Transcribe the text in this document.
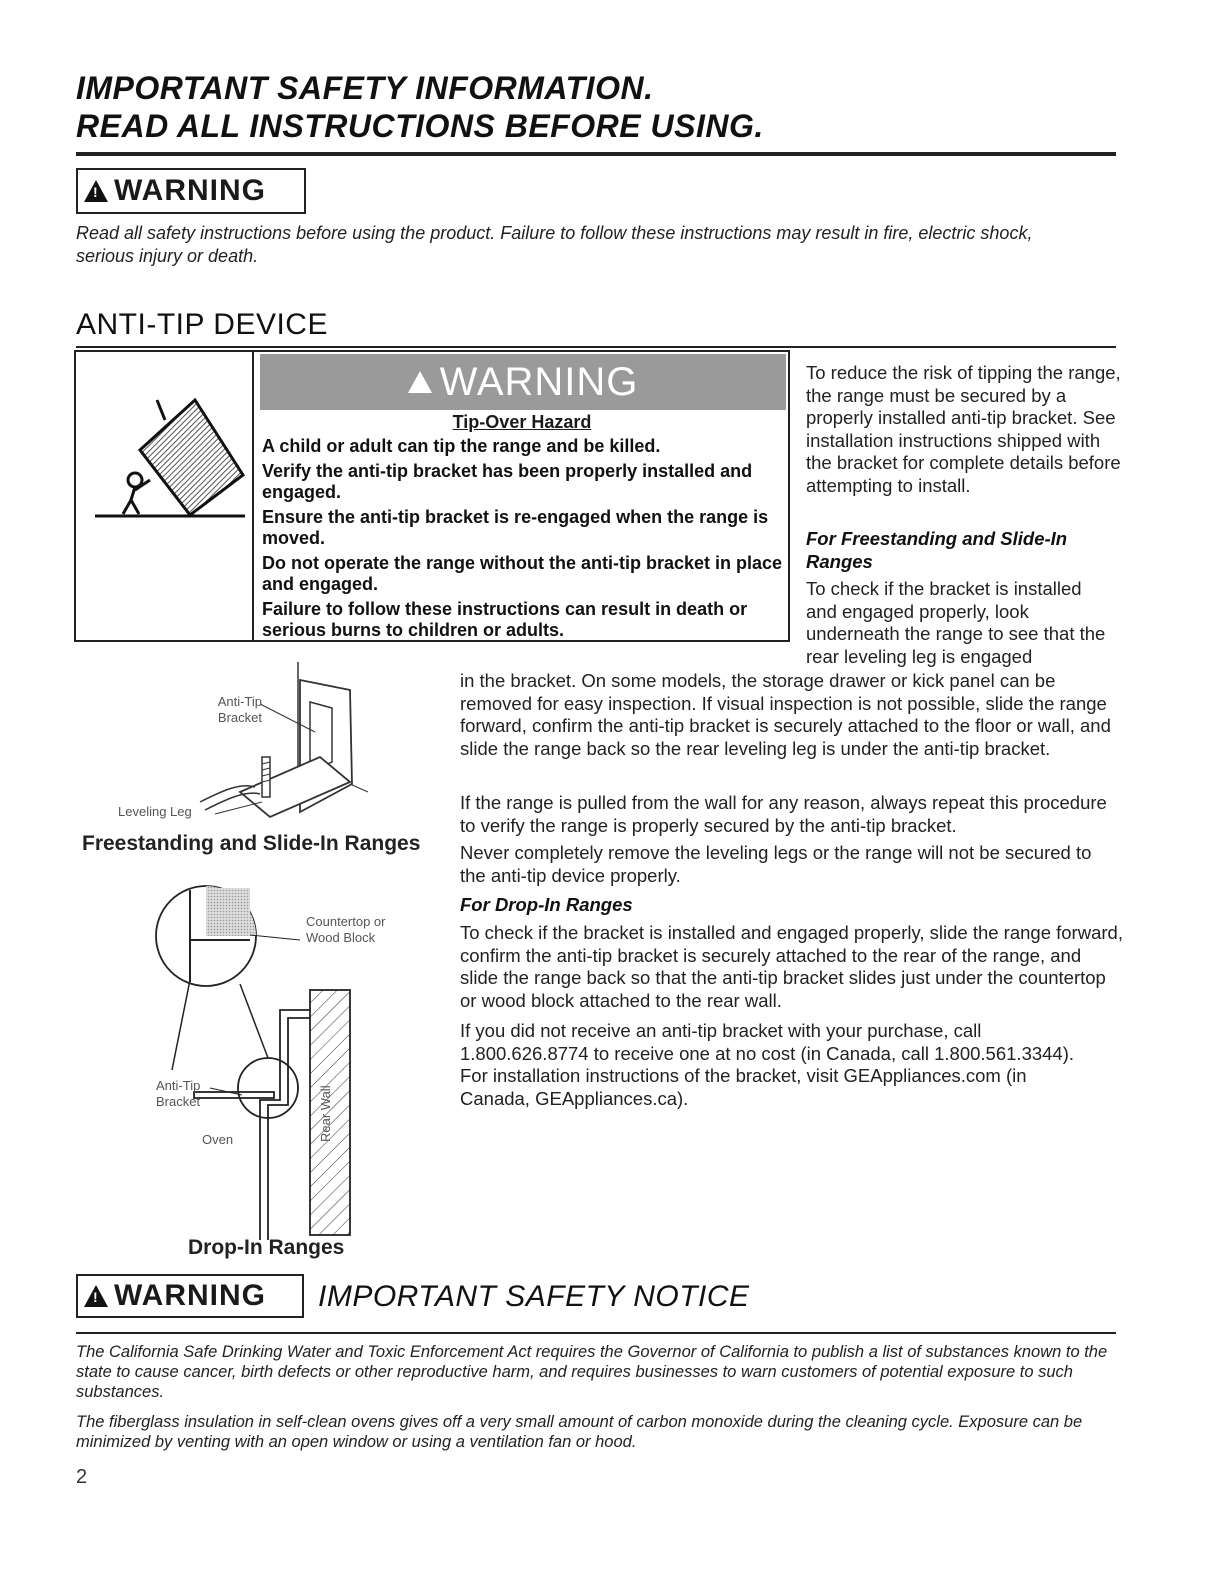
IMPORTANT SAFETY INFORMATION.
READ ALL INSTRUCTIONS BEFORE USING.
!
WARNING
Read all safety instructions before using the product. Failure to follow these instructions may result in fire, electric shock,
serious injury or death.
ANTI-TIP DEVICE
!
WARNING
Tip-Over Hazard
A child or adult can tip the range and be killed.
Verify the anti-tip bracket has been properly installed and engaged.
Ensure the anti-tip bracket is re-engaged when the range is moved.
Do not operate the range without the anti-tip bracket in place and engaged.
Failure to follow these instructions can result in death or serious burns to children or adults.
To reduce the risk of tipping the range, the range must be secured by a properly installed anti-tip bracket. See installation instructions shipped with the bracket for complete details before attempting to install.
For Freestanding and Slide-In Ranges
To check if the bracket is installed and engaged properly, look underneath the range to see that the rear leveling leg is engaged
in the bracket. On some models, the storage drawer or kick panel can be removed for easy inspection. If visual inspection is not possible, slide the range forward, confirm the anti-tip bracket is securely attached to the floor or wall, and slide the range back so the rear leveling leg is under the anti-tip bracket.
If the range is pulled from the wall for any reason, always repeat this procedure to verify the range is properly secured by the anti-tip bracket.
Never completely remove the leveling legs or the range will not be secured to the anti-tip device properly.
For Drop-In Ranges
To check if the bracket is installed and engaged properly, slide the range forward, confirm the anti-tip bracket is securely attached to the rear of the range, and slide the range back so that the anti-tip bracket slides just under the countertop or wood block attached to the rear wall.
If you did not receive an anti-tip bracket with your purchase, call 1.800.626.8774 to receive one at no cost (in Canada, call 1.800.561.3344). For installation instructions of the bracket, visit GEAppliances.com (in Canada, GEAppliances.ca).
Anti-Tip Bracket
Leveling Leg
Freestanding and Slide-In Ranges
Countertop or Wood Block
Anti-Tip Bracket
Oven	Rear Wall
Drop-In Ranges
!
WARNING IMPORTANT SAFETY NOTICE
The California Safe Drinking Water and Toxic Enforcement Act requires the Governor of California to publish a list of substances known to the state to cause cancer, birth defects or other reproductive harm, and requires businesses to warn customers of potential exposure to such substances.
The fiberglass insulation in self-clean ovens gives off a very small amount of carbon monoxide during the cleaning cycle. Exposure can be minimized by venting with an open window or using a ventilation fan or hood.
2
